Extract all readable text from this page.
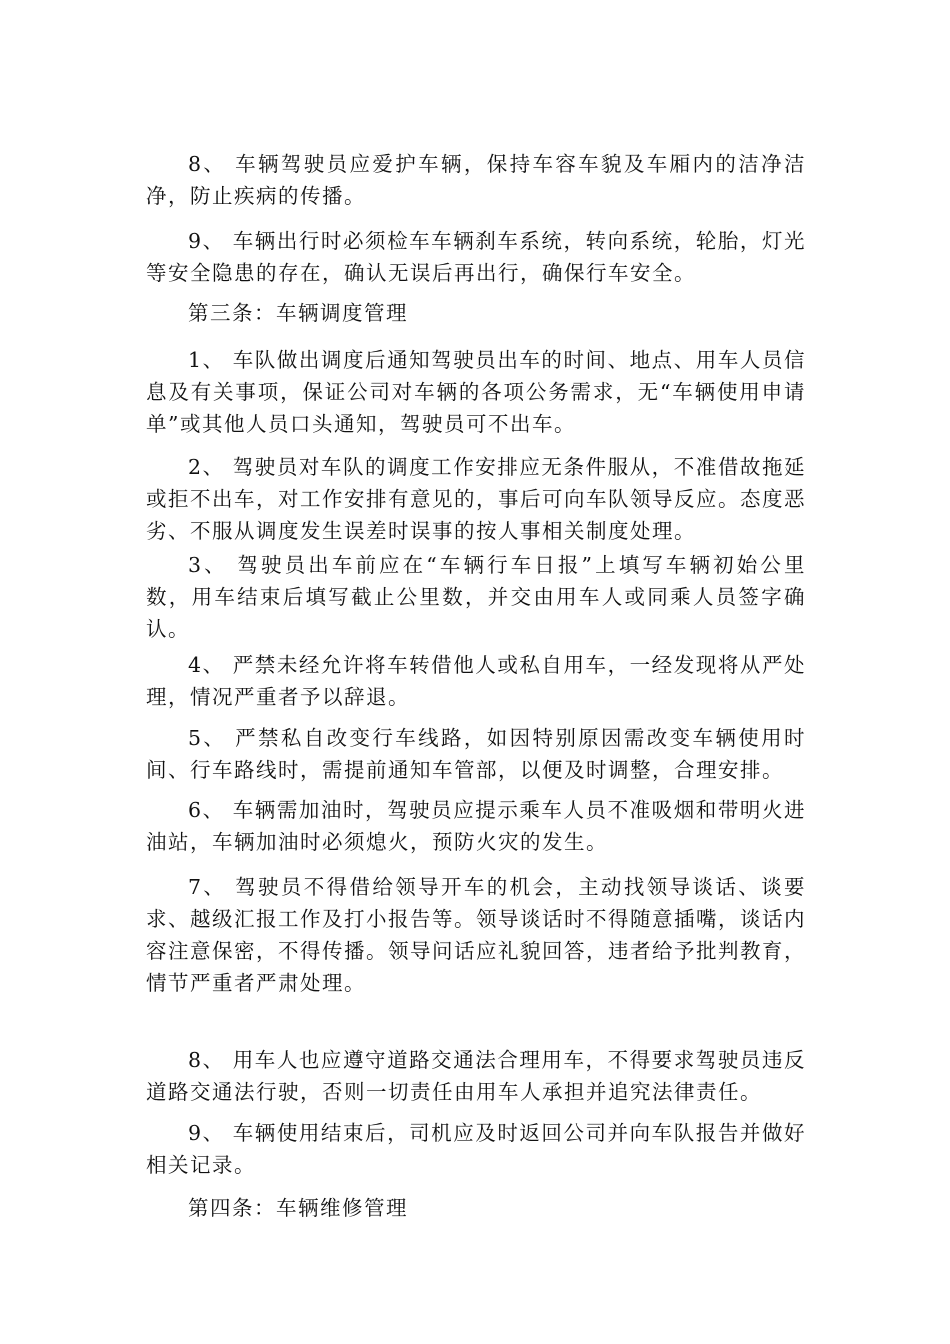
8、 车辆驾驶员应爱护车辆，保持车容车貌及车厢内的洁净洁净，防止疾病的传播。

9、 车辆出行时必须检车车辆刹车系统，转向系统，轮胎，灯光等安全隐患的存在，确认无误后再出行，确保行车安全。

第三条：车辆调度管理

1、 车队做出调度后通知驾驶员出车的时间、地点、用车人员信息及有关事项，保证公司对车辆的各项公务需求，无“车辆使用申请单”或其他人员口头通知，驾驶员可不出车。

2、 驾驶员对车队的调度工作安排应无条件服从，不准借故拖延或拒不出车，对工作安排有意见的，事后可向车队领导反应。态度恶劣、不服从调度发生误差时误事的按人事相关制度处理。

3、 驾驶员出车前应在“车辆行车日报”上填写车辆初始公里数，用车结束后填写截止公里数，并交由用车人或同乘人员签字确认。

4、 严禁未经允许将车转借他人或私自用车，一经发现将从严处理，情况严重者予以辞退。

5、 严禁私自改变行车线路，如因特别原因需改变车辆使用时间、行车路线时，需提前通知车管部，以便及时调整，合理安排。

6、 车辆需加油时，驾驶员应提示乘车人员不准吸烟和带明火进油站，车辆加油时必须熄火，预防火灾的发生。

7、 驾驶员不得借给领导开车的机会，主动找领导谈话、谈要求、越级汇报工作及打小报告等。领导谈话时不得随意插嘴，谈话内容注意保密，不得传播。领导问话应礼貌回答，违者给予批判教育，情节严重者严肃处理。

8、 用车人也应遵守道路交通法合理用车，不得要求驾驶员违反道路交通法行驶，否则一切责任由用车人承担并追究法律责任。

9、 车辆使用结束后，司机应及时返回公司并向车队报告并做好相关记录。

第四条：车辆维修管理
